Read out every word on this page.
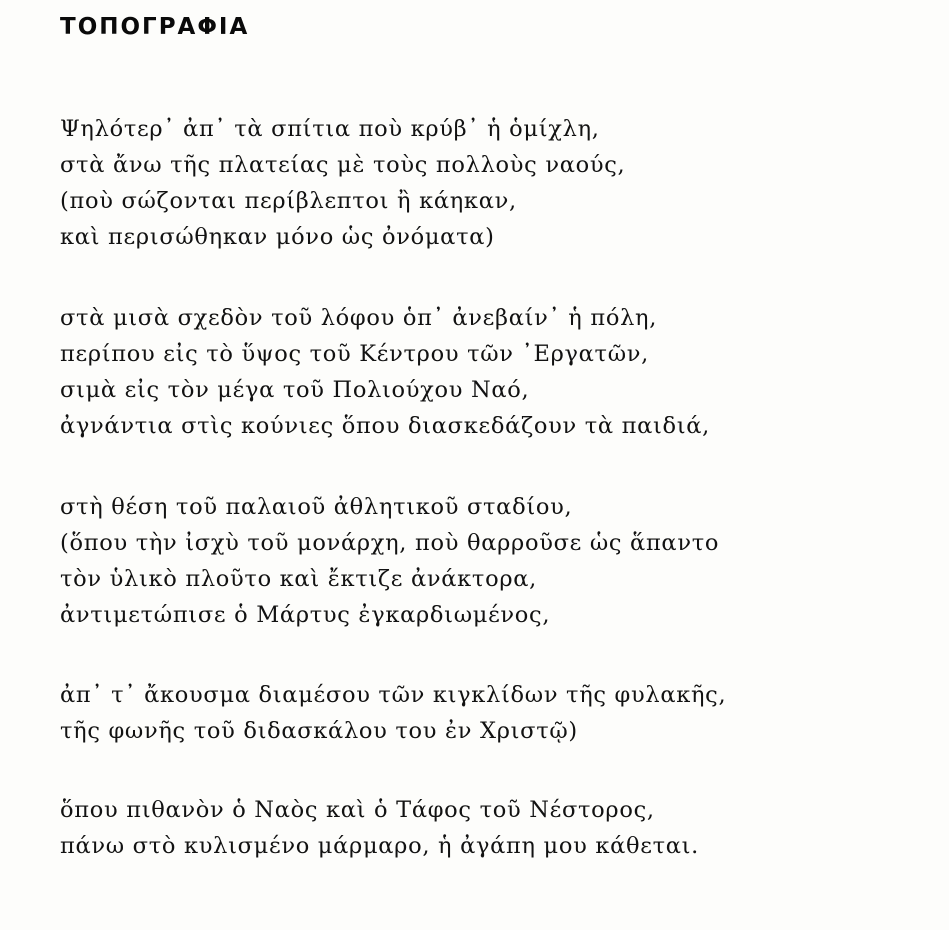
ΤΟΠΟΓΡΑΦΙΑ
Ψηλότερ᾽ ἀπ᾽ τὰ σπίτια ποὺ κρύβ᾽ ἡ ὁμίχλη,
στὰ ἄνω τῆς πλατείας μὲ τοὺς πολλοὺς ναούς,
(ποὺ σώζονται περίβλεπτοι ἢ κάηκαν,
καὶ περισώθηκαν μόνο ὡς ὀνόματα)
στὰ μισὰ σχεδὸν τοῦ λόφου ὁπ᾽ ἀνεβαίν᾽ ἡ πόλη,
περίπου εἰς τὸ ὕψος τοῦ Κέντρου τῶν ᾽Εργατῶν,
σιμὰ εἰς τὸν μέγα τοῦ Πολιούχου Ναό,
ἀγνάντια στὶς κούνιες ὅπου διασκεδάζουν τὰ παιδιά,
στὴ θέση τοῦ παλαιοῦ ἀθλητικοῦ σταδίου,
(ὅπου τὴν ἰσχὺ τοῦ μονάρχη, ποὺ θαρροῦσε ὡς ἅπαντο
τὸν ὑλικὸ πλοῦτο καὶ ἔκτιζε ἀνάκτορα,
ἀντιμετώπισε ὁ Μάρτυς ἐγκαρδιωμένος,
ἀπ᾽ τ᾽ ἄκουσμα διαμέσου τῶν κιγκλίδων τῆς φυλακῆς,
τῆς φωνῆς τοῦ διδασκάλου του ἐν Χριστῷ)
ὅπου πιθανὸν ὁ Ναὸς καὶ ὁ Τάφος τοῦ Νέστορος,
πάνω στὸ κυλισμένο μάρμαρο, ἡ ἀγάπη μου κάθεται.
